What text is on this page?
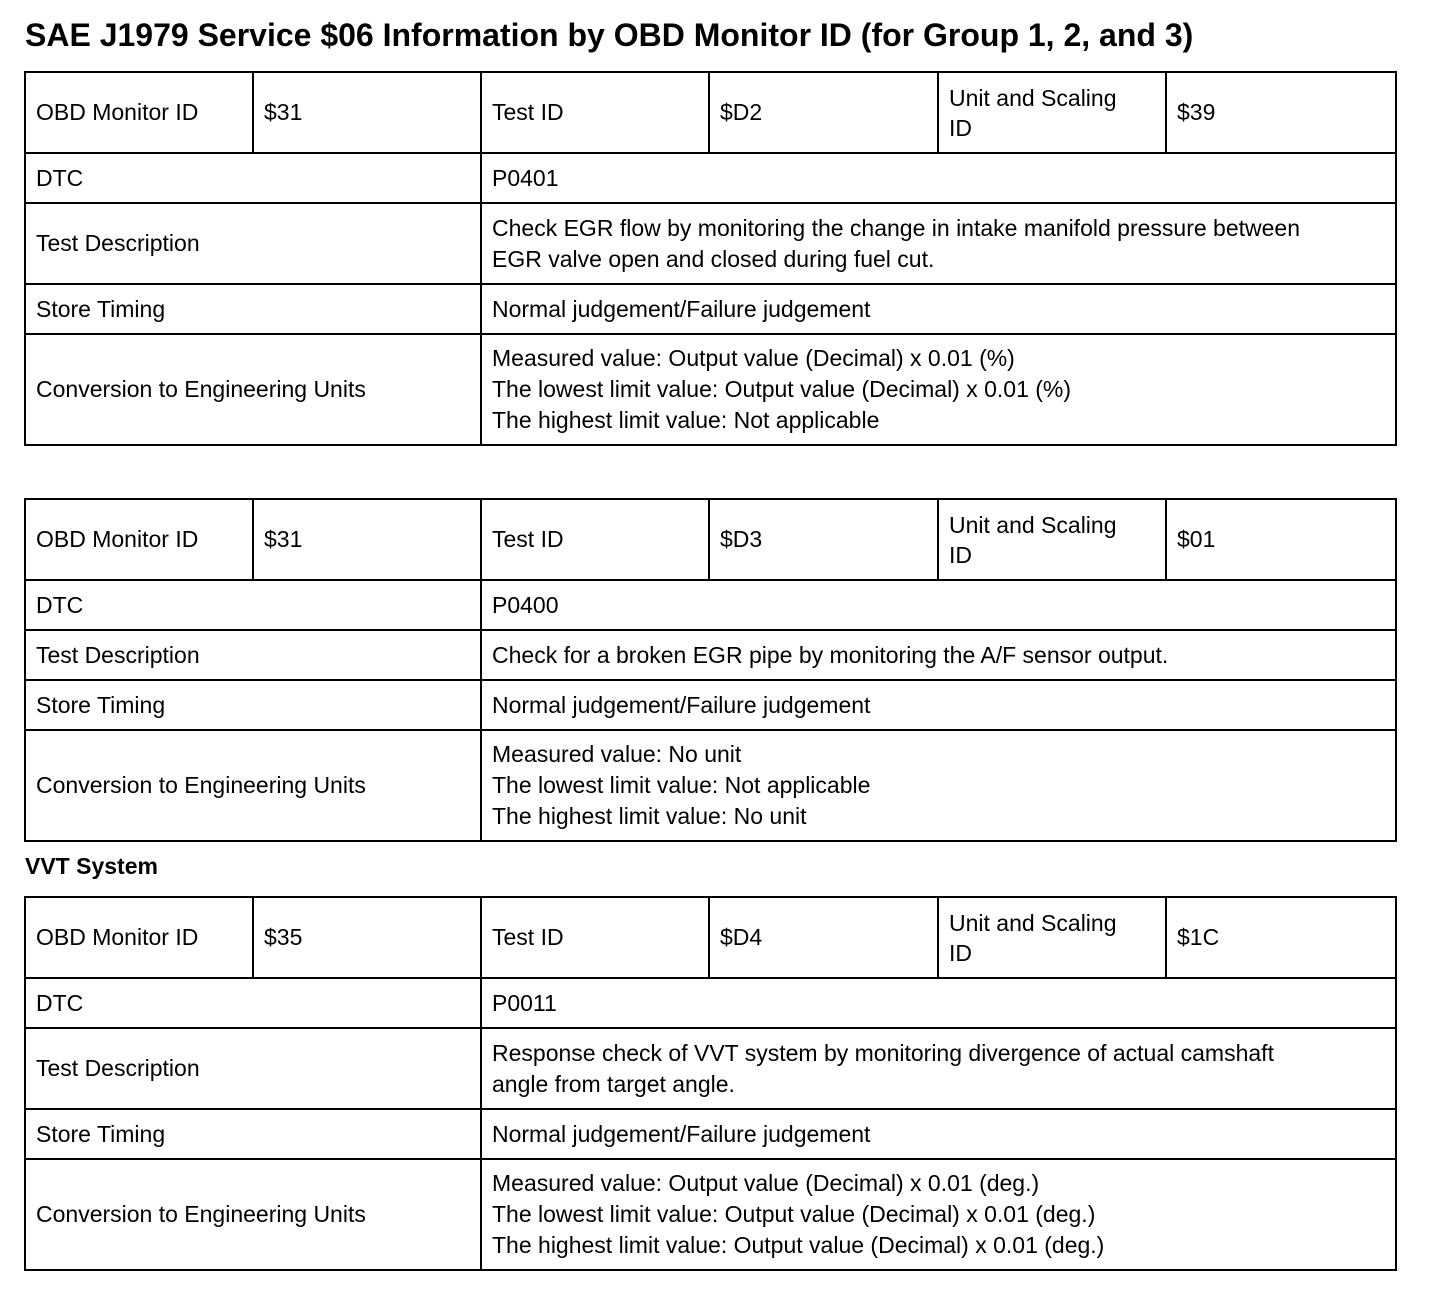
SAE J1979 Service $06 Information by OBD Monitor ID (for Group 1, 2, and 3)
OBD Monitor ID	$31	Test ID	$D2	Unit and Scaling
ID	$39
DTC		P0401			
Test Description		Check EGR flow by monitoring the change in intake manifold pressure between
EGR valve open and closed during fuel cut.			
Store Timing		Normal judgement/Failure judgement			
Conversion to Engineering Units		Measured value: Output value (Decimal) x 0.01 (%)
The lowest limit value: Output value (Decimal) x 0.01 (%)
The highest limit value: Not applicable			
OBD Monitor ID	$31	Test ID	$D3	Unit and Scaling
ID	$01
DTC		P0400			
Test Description		Check for a broken EGR pipe by monitoring the A/F sensor output.			
Store Timing		Normal judgement/Failure judgement			
Conversion to Engineering Units		Measured value: No unit
The lowest limit value: Not applicable
The highest limit value: No unit			
VVT System
OBD Monitor ID	$35	Test ID	$D4	Unit and Scaling
ID	$1C
DTC		P0011			
Test Description		Response check of VVT system by monitoring divergence of actual camshaft
angle from target angle.			
Store Timing		Normal judgement/Failure judgement			
Conversion to Engineering Units		Measured value: Output value (Decimal) x 0.01 (deg.)
The lowest limit value: Output value (Decimal) x 0.01 (deg.)
The highest limit value: Output value (Decimal) x 0.01 (deg.)			
